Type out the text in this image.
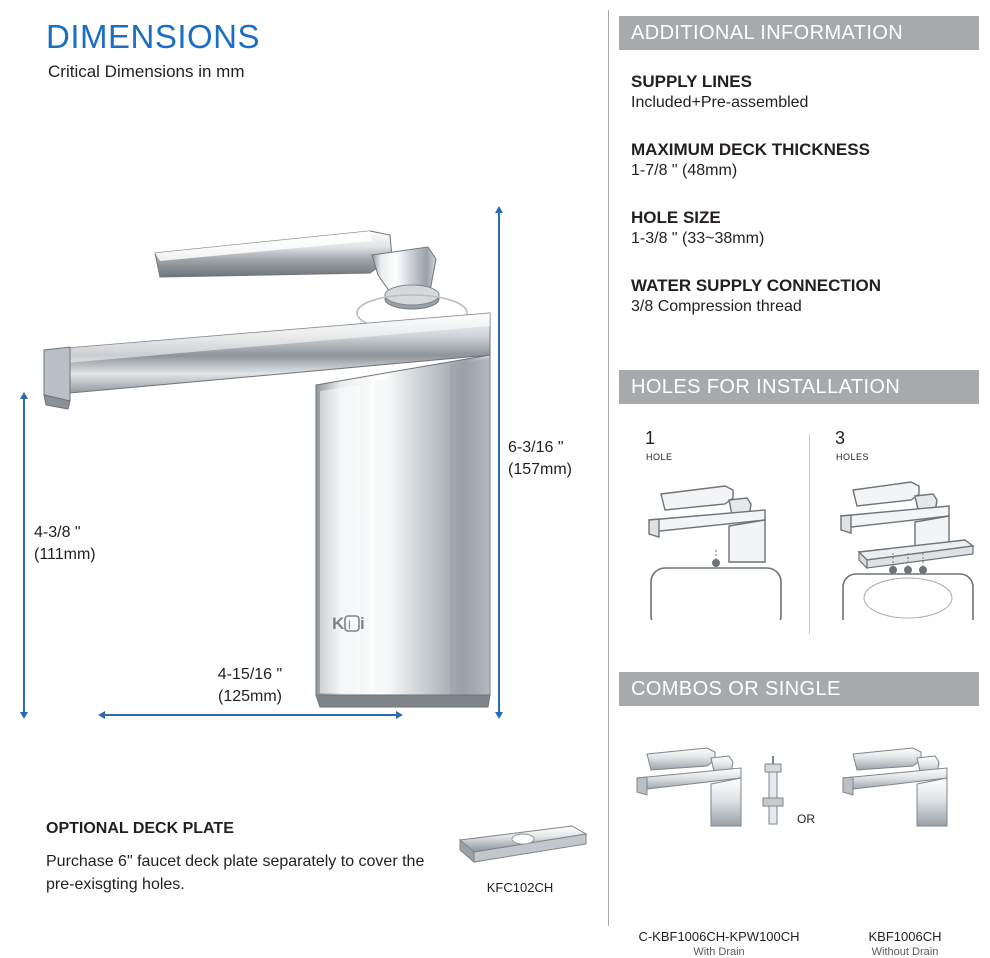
DIMENSIONS
Critical Dimensions in mm
K l i
6-3/16 "
(157mm)
4-3/8 "
(111mm)
4-15/16 "
(125mm)
OPTIONAL DECK PLATE
Purchase 6" faucet deck plate separately to cover the pre-exisgting holes.	KFC102CH
ADDITIONAL INFORMATION

SUPPLY LINES

Included+Pre-assembled

MAXIMUM DECK THICKNESS

1-7/8 " (48mm)

HOLE SIZE

1-3/8 " (33~38mm)

WATER SUPPLY CONNECTION

3/8 Compression thread

HOLES FOR INSTALLATION
1
HOLE
3
HOLES
COMBOS OR SINGLE
C-KBF1006CH-KPW100CH
With Drain
OR
KBF1006CH
Without Drain
